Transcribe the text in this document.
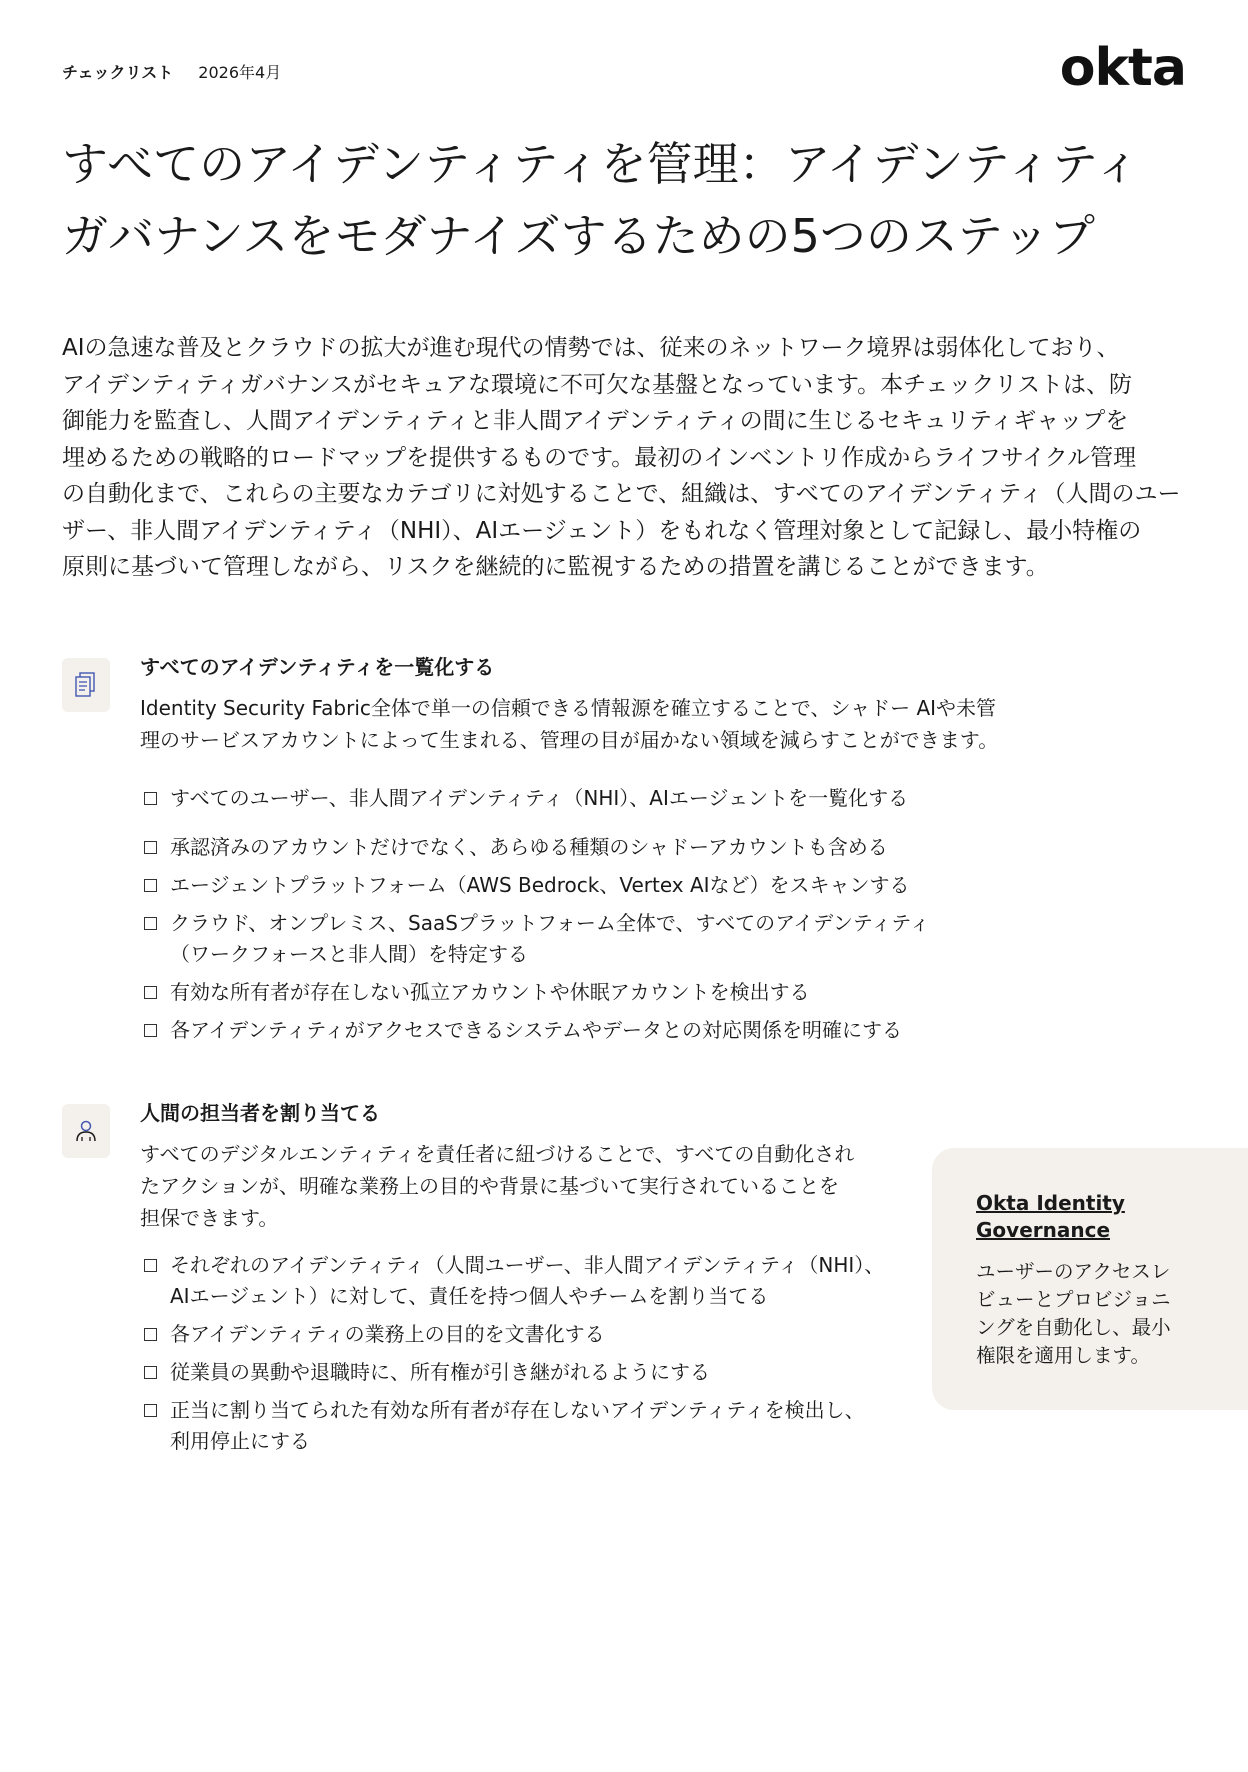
チェックリスト 2026年4月	okta
すべてのアイデンティティを管理：アイデンティティ
ガバナンスをモダナイズするための5つのステップ

AIの急速な普及とクラウドの拡大が進む現代の情勢では、従来のネットワーク境界は弱体化しており、
アイデンティティガバナンスがセキュアな環境に不可欠な基盤となっています。本チェックリストは、防
御能力を監査し、人間アイデンティティと非人間アイデンティティの間に生じるセキュリティギャップを
埋めるための戦略的ロードマップを提供するものです。最初のインベントリ作成からライフサイクル管理
の自動化まで、これらの主要なカテゴリに対処することで、組織は、すべてのアイデンティティ（人間のユー
ザー、非人間アイデンティティ（NHI）、AIエージェント）をもれなく管理対象として記録し、最小特権の
原則に基づいて管理しながら、リスクを継続的に監視するための措置を講じることができます。

すべてのアイデンティティを一覧化する

Identity Security Fabric全体で単一の信頼できる情報源を確立することで、シャドー AIや未管
理のサービスアカウントによって生まれる、管理の目が届かない領域を減らすことができます。

すべてのユーザー、非人間アイデンティティ（NHI）、AIエージェントを一覧化する
承認済みのアカウントだけでなく、あらゆる種類のシャドーアカウントも含める
エージェントプラットフォーム（AWS Bedrock、Vertex AIなど）をスキャンする
クラウド、オンプレミス、SaaSプラットフォーム全体で、すべてのアイデンティティ
（ワークフォースと非人間）を特定する
有効な所有者が存在しない孤立アカウントや休眠アカウントを検出する
各アイデンティティがアクセスできるシステムやデータとの対応関係を明確にする
人間の担当者を割り当てる

すべてのデジタルエンティティを責任者に紐づけることで、すべての自動化され
たアクションが、明確な業務上の目的や背景に基づいて実行されていることを
担保できます。

それぞれのアイデンティティ（人間ユーザー、非人間アイデンティティ（NHI）、
AIエージェント）に対して、責任を持つ個人やチームを割り当てる
各アイデンティティの業務上の目的を文書化する
従業員の異動や退職時に、所有権が引き継がれるようにする
正当に割り当てられた有効な所有者が存在しないアイデンティティを検出し、
利用停止にする
Okta Identity
Governance

ユーザーのアクセスレ
ビューとプロビジョニ
ングを自動化し、最小
権限を適用します。
